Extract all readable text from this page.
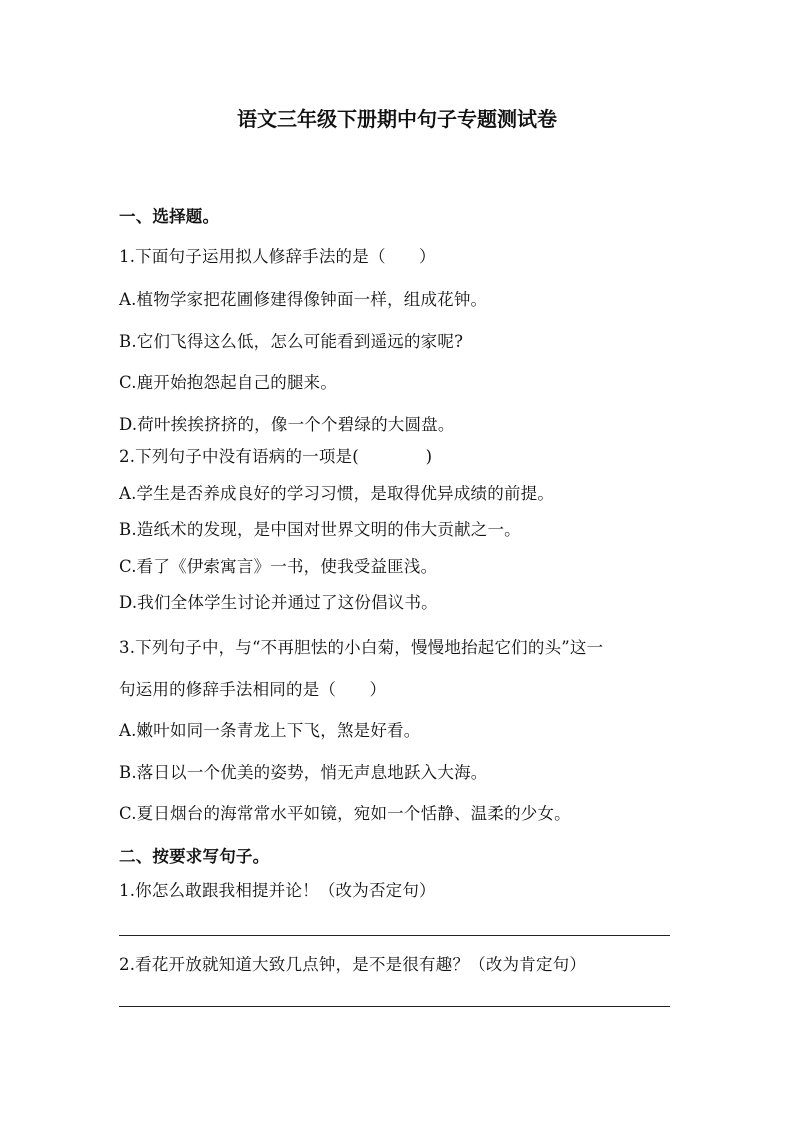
语文三年级下册期中句子专题测试卷
一、选择题。
1.下面句子运用拟人修辞手法的是（　　）
A.植物学家把花圃修建得像钟面一样，组成花钟。
B.它们飞得这么低，怎么可能看到遥远的家呢?
C.鹿开始抱怨起自己的腿来。
D.荷叶挨挨挤挤的，像一个个碧绿的大圆盘。
2.下列句子中没有语病的一项是(　　　　)
A.学生是否养成良好的学习习惯，是取得优异成绩的前提。
B.造纸术的发现，是中国对世界文明的伟大贡献之一。
C.看了《伊索寓言》一书，使我受益匪浅。
D.我们全体学生讨论并通过了这份倡议书。
3.下列句子中，与“不再胆怯的小白菊，慢慢地抬起它们的头”这一
句运用的修辞手法相同的是（　　）
A.嫩叶如同一条青龙上下飞，煞是好看。
B.落日以一个优美的姿势，悄无声息地跃入大海。
C.夏日烟台的海常常水平如镜，宛如一个恬静、温柔的少女。
二、按要求写句子。
1.你怎么敢跟我相提并论！（改为否定句）
2.看花开放就知道大致几点钟，是不是很有趣？（改为肯定句）
